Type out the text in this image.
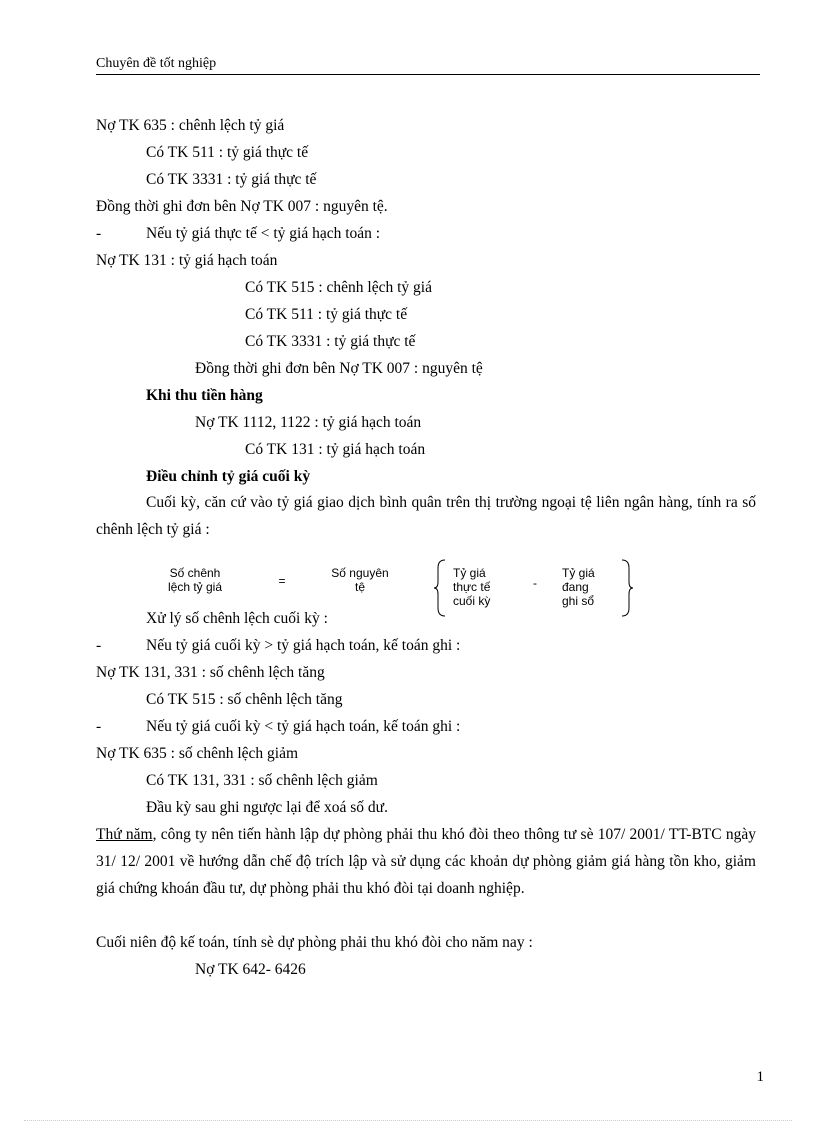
Chuyên đề tốt nghiệp
Nợ TK 635 : chênh lệch tỷ giá
Có TK 511 : tỷ giá thực tế
Có TK 3331 : tỷ giá thực tế
Đồng thời ghi đơn bên Nợ TK 007 : nguyên tệ.
-	Nếu tỷ giá thực tế < tỷ giá hạch toán :
Nợ TK 131 : tỷ giá hạch toán
Có TK 515 : chênh lệch tỷ giá
Có TK 511 : tỷ giá thực tế
Có TK 3331 : tỷ giá thực tế
Đồng thời ghi đơn bên Nợ TK 007 : nguyên tệ
Khi thu tiền hàng
Nợ TK 1112, 1122 : tỷ giá hạch toán
Có TK 131 : tỷ giá hạch toán
Điều chỉnh tỷ giá cuối kỳ
Cuối kỳ, căn cứ vào tỷ giá giao dịch bình quân trên thị trường ngoại tệ liên ngân hàng, tính ra số chênh lệch tỷ giá :
Số chênh
lệch tỷ giá	=
Số nguyên
tệ
Tỷ giá
thực tế
cuối kỳ
-
Tỷ giá
đang
ghi sổ
Xử lý số chênh lệch cuối kỳ :
-	Nếu tỷ giá cuối kỳ > tỷ giá hạch toán, kế toán ghi :
Nợ TK 131, 331 : số chênh lệch tăng
Có TK 515 : số chênh lệch tăng
-	Nếu tỷ giá cuối kỳ < tỷ giá hạch toán, kế toán ghi :
Nợ TK 635 : số chênh lệch giảm
Có TK 131, 331 : số chênh lệch giảm
Đầu kỳ sau ghi ngược lại để xoá số dư.
Thứ năm, công ty nên tiến hành lập dự phòng phải thu khó đòi theo thông tư sè 107/ 2001/ TT-BTC ngày 31/ 12/ 2001 về hướng dẫn chế độ trích lập và sử dụng các khoản dự phòng giảm giá hàng tồn kho, giảm giá chứng khoán đầu tư, dự phòng phải thu khó đòi tại doanh nghiệp.
Cuối niên độ kế toán, tính sè dự phòng phải thu khó đòi cho năm nay :
Nợ TK 642- 6426
1
